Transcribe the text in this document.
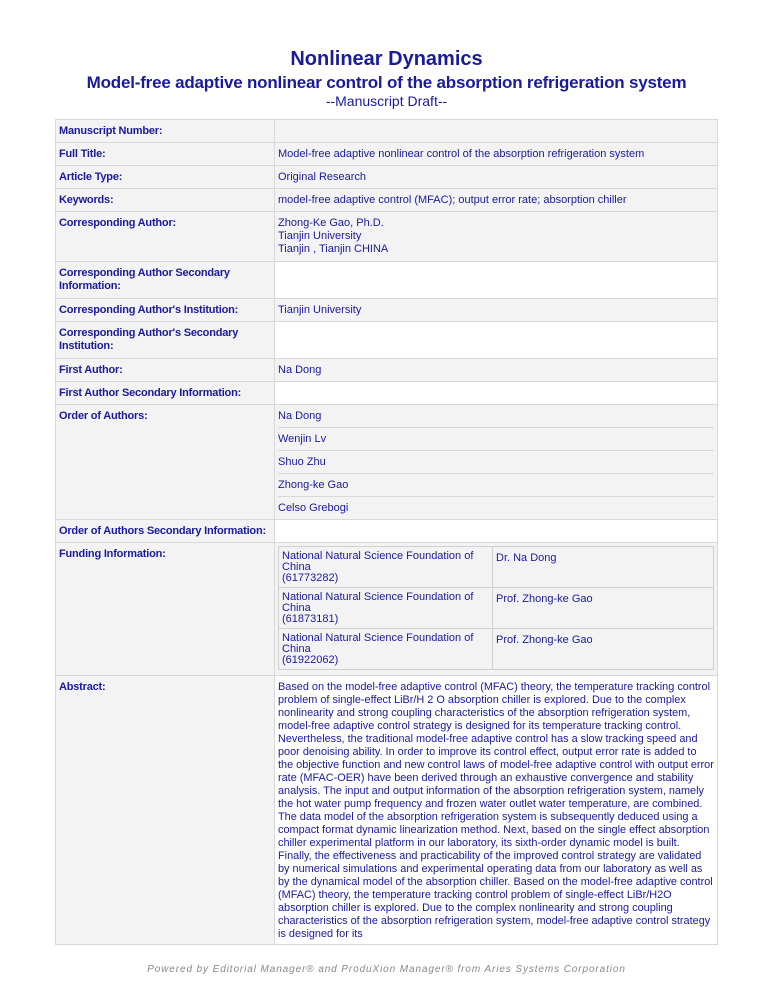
Nonlinear Dynamics
Model-free adaptive nonlinear control of the absorption refrigeration system
--Manuscript Draft--
Manuscript Number:	
Full Title:	Model-free adaptive nonlinear control of the absorption refrigeration system
Article Type:	Original Research
Keywords:	model-free adaptive control (MFAC); output error rate; absorption chiller
Corresponding Author:	Zhong-Ke Gao, Ph.D.
Tianjin University
Tianjin , Tianjin CHINA

Corresponding Author Secondary Information:	
Corresponding Author's Institution:	Tianjin University
Corresponding Author's Secondary Institution:	
First Author:	Na Dong
First Author Secondary Information:	
Order of Authors:		Na Dong
Wenjin Lv
Shuo Zhu
Zhong-ke Gao
Celso Grebogi

Order of Authors Secondary Information:	
Funding Information:		National Natural Science Foundation of
China
(61773282)
	Dr. Na Dong

National Natural Science Foundation of
China
(61873181)
	Prof. Zhong-ke Gao

National Natural Science Foundation of
China
(61922062)
	Prof. Zhong-ke Gao

Abstract:	Based on the model-free adaptive control (MFAC) theory, the temperature tracking control problem of single-effect LiBr/H 2 O absorption chiller is explored. Due to the complex nonlinearity and strong coupling characteristics of the absorption refrigeration system, model-free adaptive control strategy is designed for its temperature tracking control. Nevertheless, the traditional model-free adaptive control has a slow tracking speed and poor denoising ability. In order to improve its control effect, output error rate is added to the objective function and new control laws of model-free adaptive control with output error rate (MFAC-OER) have been derived through an exhaustive convergence and stability analysis. The input and output information of the absorption refrigeration system, namely the hot water pump frequency and frozen water outlet water temperature, are combined. The data model of the absorption refrigeration system is subsequently deduced using a compact format dynamic linearization method. Next, based on the single effect absorption chiller experimental platform in our laboratory, its sixth-order dynamic model is built. Finally, the effectiveness and practicability of the improved control strategy are validated by numerical simulations and experimental operating data from our laboratory as well as by the dynamical model of the absorption chiller. Based on the model-free adaptive control (MFAC) theory, the temperature tracking control problem of single-effect LiBr/H2O absorption chiller is explored. Due to the complex nonlinearity and strong coupling characteristics of the absorption refrigeration system, model-free adaptive control strategy is designed for its
Powered by Editorial Manager® and ProduXion Manager® from Aries Systems Corporation
